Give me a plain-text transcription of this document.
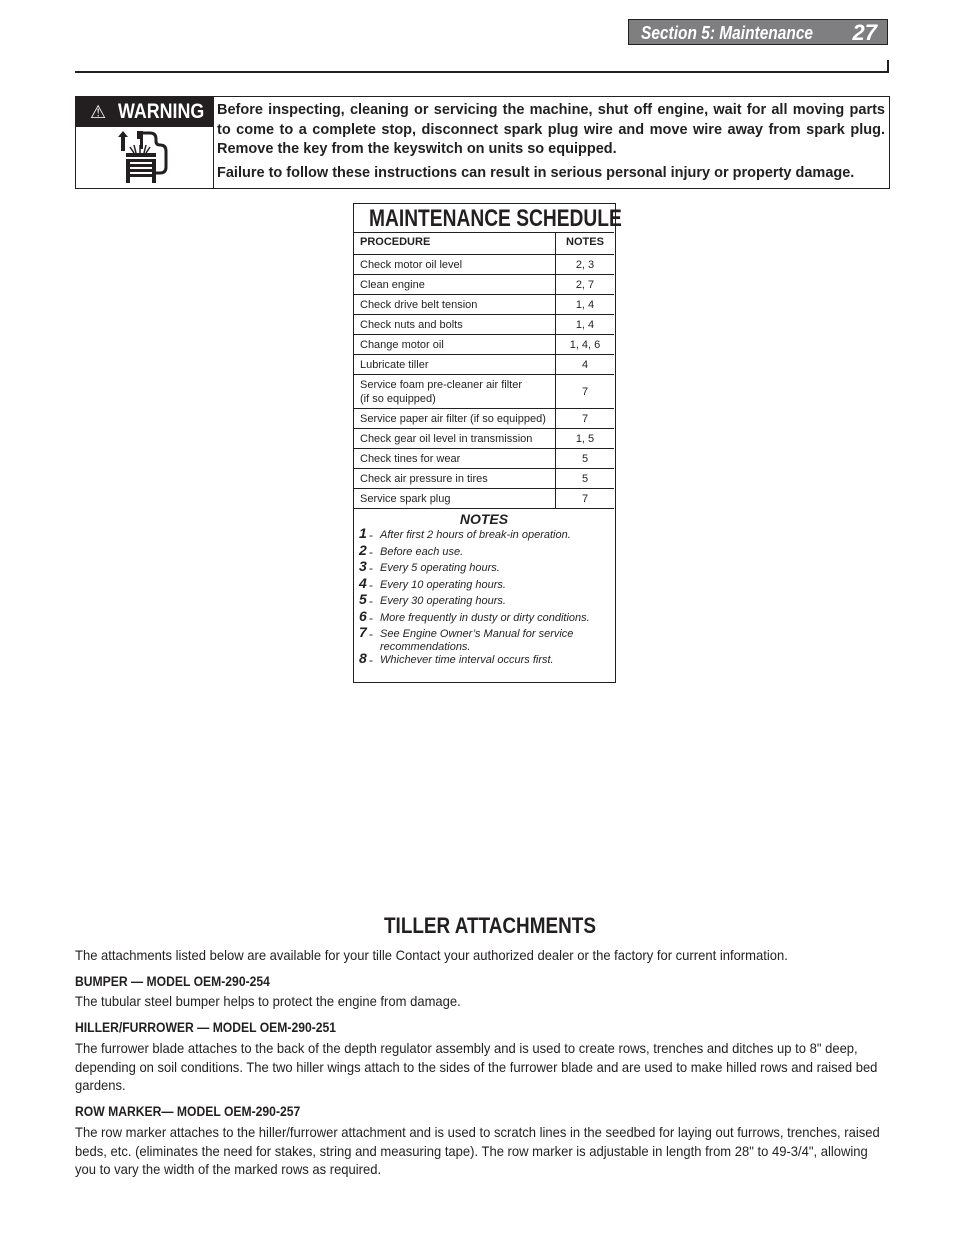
Section 5: Maintenance 27
⚠ WARNING Before inspecting, cleaning or servicing the machine, shut off engine, wait for all moving parts to come to a complete stop, disconnect spark plug wire and move wire away from spark plug. Remove the key from the keyswitch on units so equipped.

Failure to follow these instructions can result in serious personal injury or property damage.

MAINTENANCE SCHEDULE
PROCEDURE	NOTES

Check motor oil level	2, 3
Clean engine	2, 7
Check drive belt tension	1, 4
Check nuts and bolts	1, 4
Change motor oil	1, 4, 6
Lubricate tiller	4
Service foam pre-cleaner air filter
(if so equipped)	7
Service paper air filter (if so equipped)	7
Check gear oil level in transmission	1, 5
Check tines for wear	5
Check air pressure in tires	5
Service spark plug	7
NOTES
1 - After first 2 hours of break-in operation.
2 - Before each use.
3 - Every 5 operating hours.
4 - Every 10 operating hours.
5 - Every 30 operating hours.
6 - More frequently in dusty or dirty conditions.
7 - See Engine Owner’s Manual for service
recommendations.
8 - Whichever time interval occurs first.
TILLER ATTACHMENTS
The attachments listed below are available for your tille Contact your authorized dealer or the factory for current information.
BUMPER — MODEL OEM-290-254
The tubular steel bumper helps to protect the engine from damage.
HILLER/FURROWER — MODEL OEM-290-251
The furrower blade attaches to the back of the depth regulator assembly and is used to create rows, trenches and ditches up to 8" deep, depending on soil conditions. The two hiller wings attach to the sides of the furrower blade and are used to make hilled rows and raised bed gardens.
ROW MARKER— MODEL OEM-290-257
The row marker attaches to the hiller/furrower attachment and is used to scratch lines in the seedbed for laying out furrows, trenches, raised beds, etc. (eliminates the need for stakes, string and measuring tape). The row marker is adjustable in length from 28" to 49-3/4", allowing you to vary the width of the marked rows as required.
